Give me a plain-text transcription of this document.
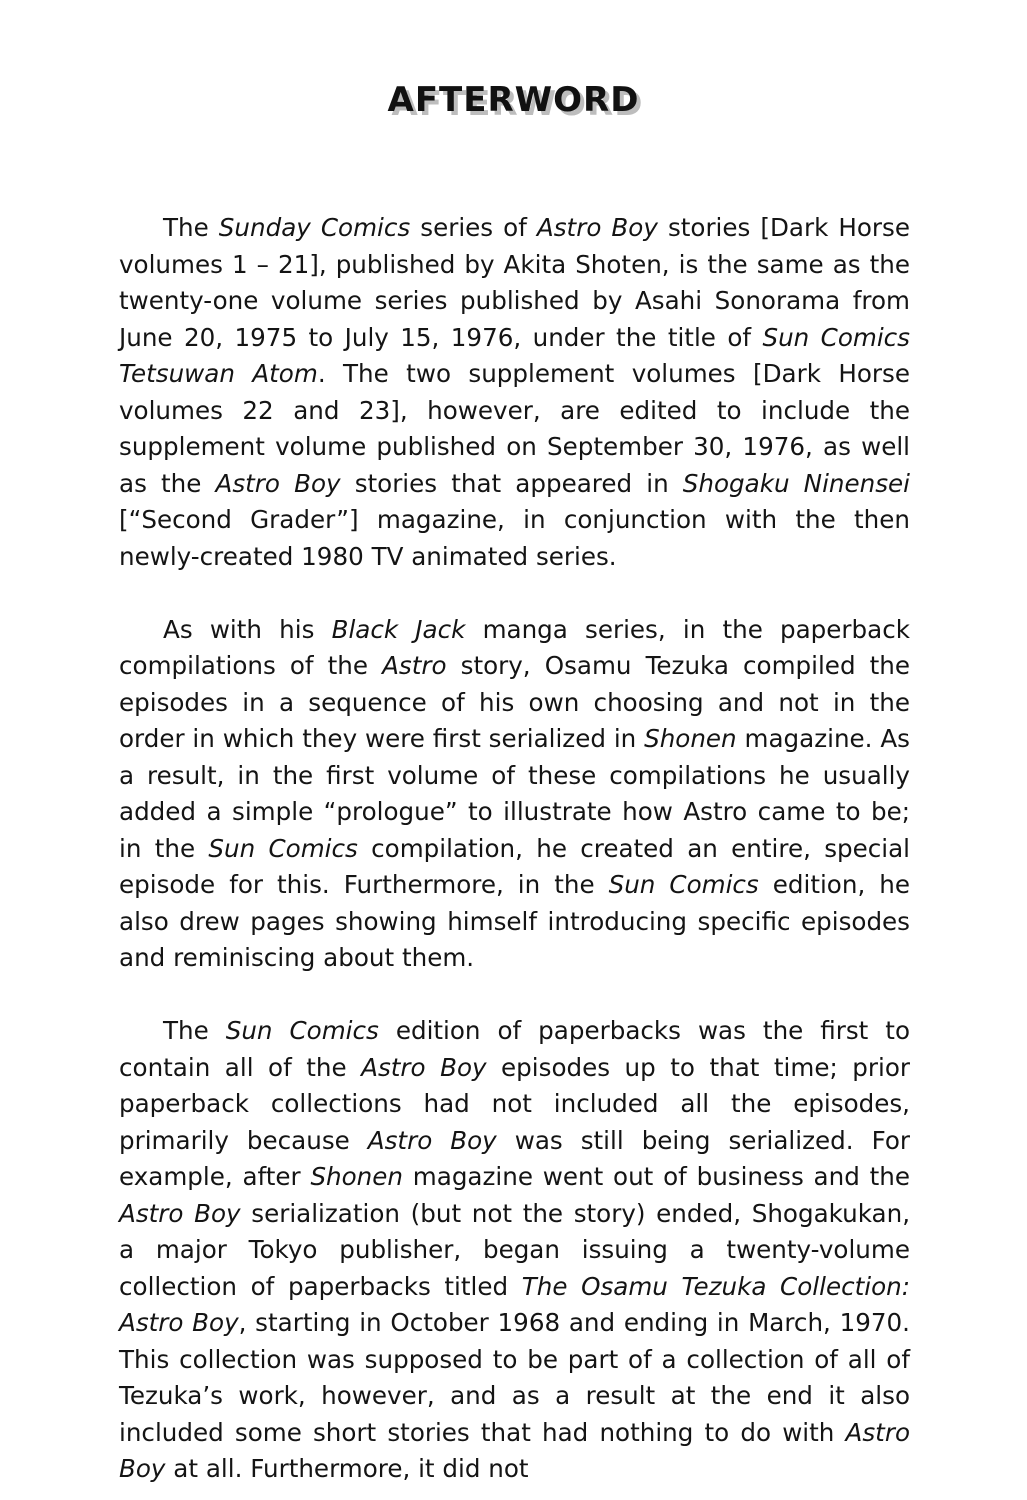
AFTERWORD

The Sunday Comics series of Astro Boy stories [Dark Horse volumes 1 – 21], published by Akita Shoten, is the same as the twenty-one volume series published by Asahi Sonorama from June 20, 1975 to July 15, 1976, under the title of Sun Comics Tetsuwan Atom. The two supplement volumes [Dark Horse volumes 22 and 23], however, are edited to include the supplement volume published on September 30, 1976, as well as the Astro Boy stories that appeared in Shogaku Ninensei [“Second Grader”] magazine, in conjunction with the then newly-created 1980 TV animated series.

As with his Black Jack manga series, in the paperback compilations of the Astro story, Osamu Tezuka compiled the episodes in a sequence of his own choosing and not in the order in which they were first serialized in Shonen magazine. As a result, in the first volume of these compilations he usually added a simple “prologue” to illustrate how Astro came to be; in the Sun Comics compilation, he created an entire, special episode for this. Furthermore, in the Sun Comics edition, he also drew pages showing himself introducing specific episodes and reminiscing about them.

The Sun Comics edition of paperbacks was the first to contain all of the Astro Boy episodes up to that time; prior paperback collections had not included all the episodes, primarily because Astro Boy was still being serialized. For example, after Shonen magazine went out of business and the Astro Boy serialization (but not the story) ended, Shogakukan, a major Tokyo publisher, began issuing a twenty-volume collection of paperbacks titled The Osamu Tezuka Collection: Astro Boy, starting in October 1968 and ending in March, 1970. This collection was supposed to be part of a collection of all of Tezuka’s work, however, and as a result at the end it also included some short stories that had nothing to do with Astro Boy at all. Furthermore, it did not
